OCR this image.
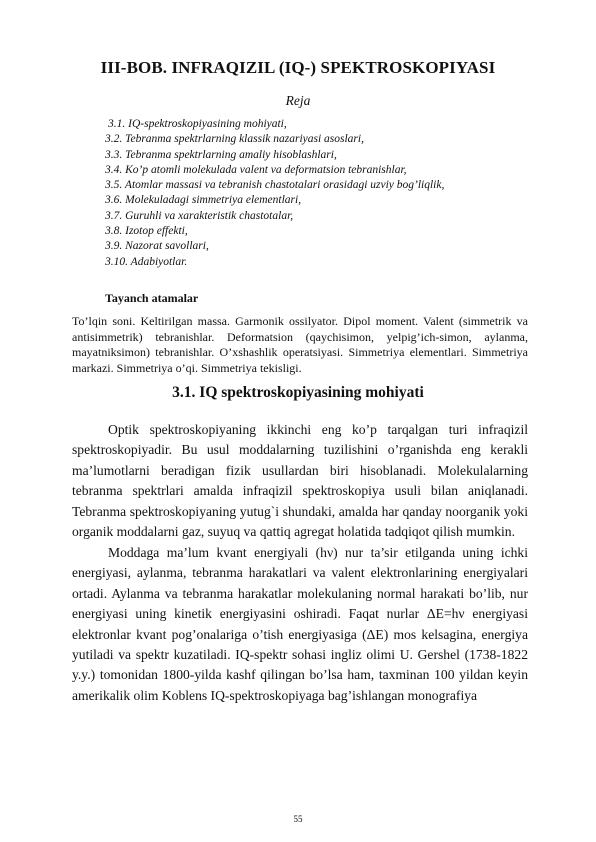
III-BOB. INFRAQIZIL (IQ-) SPEKTROSKOPIYASI
Reja
3.1. IQ-spektroskopiyasining mohiyati,
3.2. Tebranma spektrlarning klassik nazariyasi asoslari,
3.3. Tebranma spektrlarning amaliy hisoblashlari,
3.4. Ko’p atomli molekulada valent va deformatsion tebranishlar,
3.5. Atomlar massasi va tebranish chastotalari orasidagi uzviy bog’liqlik,
3.6. Molekuladagi simmetriya elementlari,
3.7. Guruhli va xarakteristik chastotalar,
3.8. Izotop effekti,
3.9. Nazorat savollari,
3.10. Adabiyotlar.
Tayanch atamalar

To’lqin soni. Keltirilgan massa. Garmonik ossilyator. Dipol moment. Valent (simmetrik va antisimmetrik) tebranishlar. Deformatsion (qaychisimon, yelpig’ich-simon, aylanma, mayatniksimon) tebranishlar. O’xshashlik operatsiyasi. Simmetriya elementlari. Simmetriya markazi. Simmetriya o’qi. Simmetriya tekisligi.

3.1. IQ spektroskopiyasining mohiyati

Optik spektroskopiyaning ikkinchi eng ko’p tarqalgan turi infraqizil spektroskopiyadir. Bu usul moddalarning tuzilishini o’rganishda eng kerakli ma’lumotlarni beradigan fizik usullardan biri hisoblanadi. Molekulalarning tebranma spektrlari amalda infraqizil spektroskopiya usuli bilan aniqlanadi. Tebranma spektroskopiyaning yutug`i shundaki, amalda har qanday noorganik yoki organik moddalarni gaz, suyuq va qattiq agregat holatida tadqiqot qilish mumkin.

Moddaga ma’lum kvant energiyali (hν) nur ta’sir etilganda uning ichki energiyasi, aylanma, tebranma harakatlari va valent elektronlarining energiyalari ortadi. Aylanma va tebranma harakatlar molekulaning normal harakati bo’lib, nur energiyasi uning kinetik energiyasini oshiradi. Faqat nurlar ΔE=hν energiyasi elektronlar kvant pog’onalariga o’tish energiyasiga (ΔE) mos kelsagina, energiya yutiladi va spektr kuzatiladi. IQ-spektr sohasi ingliz olimi U. Gershel (1738-1822 y.y.) tomonidan 1800-yilda kashf qilingan bo’lsa ham, taxminan 100 yildan keyin amerikalik olim Koblens IQ-spektroskopiyaga bag’ishlangan monografiya

55
